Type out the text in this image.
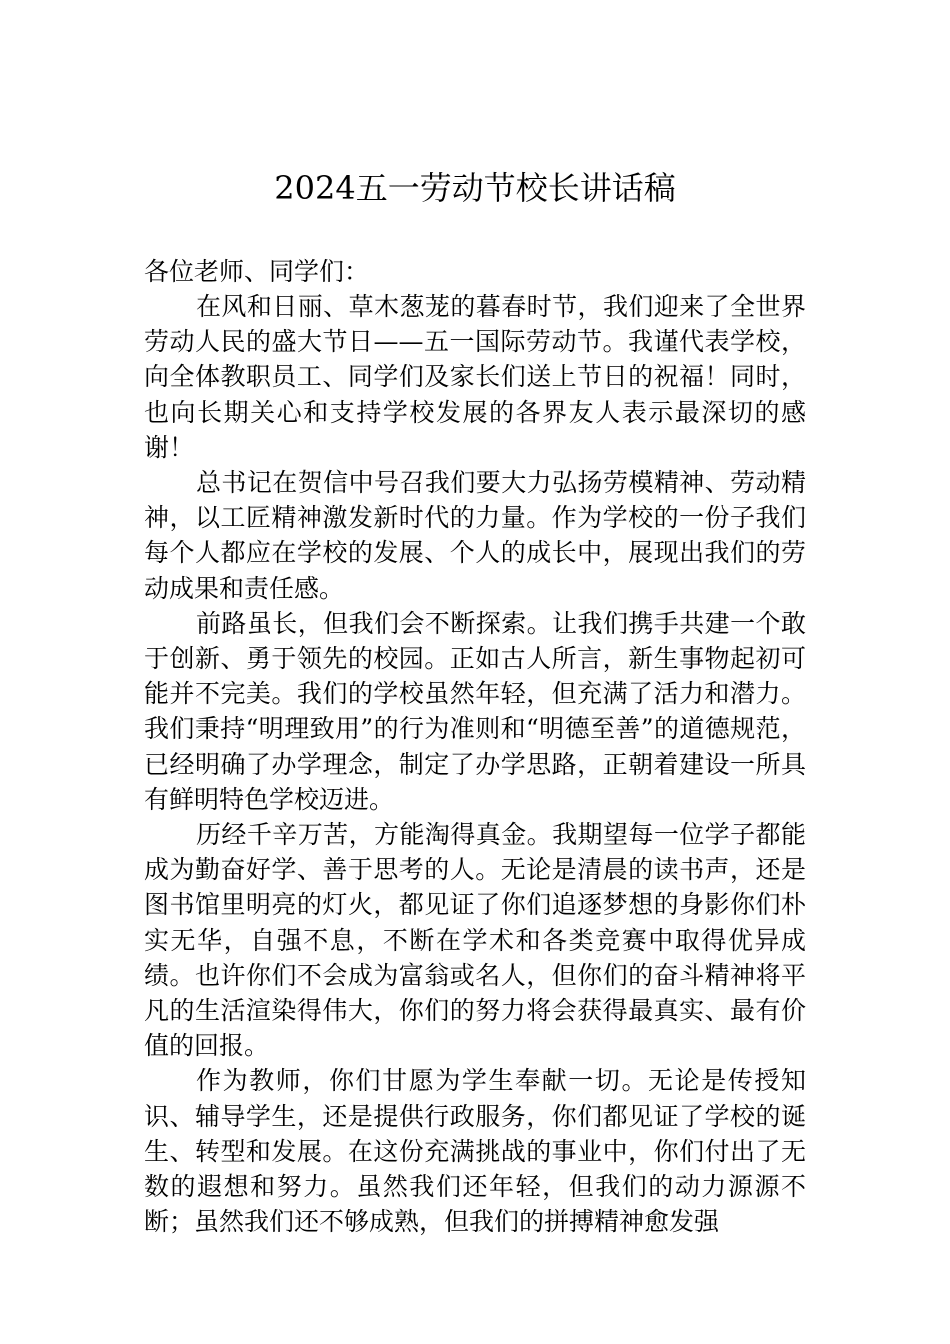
2024五一劳动节校长讲话稿

各位老师、同学们：

在风和日丽、草木葱茏的暮春时节，我们迎来了全世界劳动人民的盛大节日——五一国际劳动节。我谨代表学校，向全体教职员工、同学们及家长们送上节日的祝福！同时，也向长期关心和支持学校发展的各界友人表示最深切的感谢！

总书记在贺信中号召我们要大力弘扬劳模精神、劳动精神，以工匠精神激发新时代的力量。作为学校的一份子我们每个人都应在学校的发展、个人的成长中，展现出我们的劳动成果和责任感。

前路虽长，但我们会不断探索。让我们携手共建一个敢于创新、勇于领先的校园。正如古人所言，新生事物起初可能并不完美。我们的学校虽然年轻，但充满了活力和潜力。我们秉持“明理致用”的行为准则和“明德至善”的道德规范，已经明确了办学理念，制定了办学思路，正朝着建设一所具有鲜明特色学校迈进。

历经千辛万苦，方能淘得真金。我期望每一位学子都能成为勤奋好学、善于思考的人。无论是清晨的读书声，还是图书馆里明亮的灯火，都见证了你们追逐梦想的身影你们朴实无华，自强不息，不断在学术和各类竞赛中取得优异成绩。也许你们不会成为富翁或名人，但你们的奋斗精神将平凡的生活渲染得伟大，你们的努力将会获得最真实、最有价值的回报。

作为教师，你们甘愿为学生奉献一切。无论是传授知识、辅导学生，还是提供行政服务，你们都见证了学校的诞生、转型和发展。在这份充满挑战的事业中，你们付出了无数的遐想和努力。虽然我们还年轻，但我们的动力源源不断；虽然我们还不够成熟，但我们的拼搏精神愈发强
